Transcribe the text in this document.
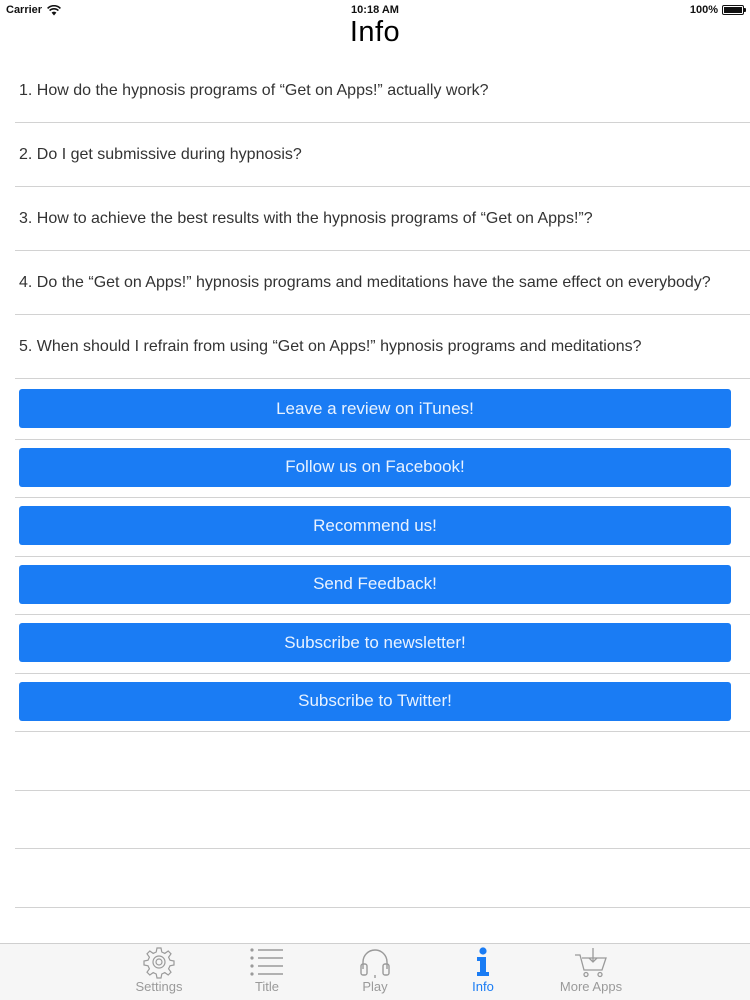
Carrier	10:18 AM	100%
Info
1. How do the hypnosis programs of “Get on Apps!” actually work?
2. Do I get submissive during hypnosis?
3. How to achieve the best results with the hypnosis programs of “Get on Apps!”?
4. Do the “Get on Apps!” hypnosis programs and meditations have the same effect on everybody?
5. When should I refrain from using “Get on Apps!” hypnosis programs and meditations?
Leave a review on iTunes!
Follow us on Facebook!
Recommend us!
Send Feedback!
Subscribe to newsletter!
Subscribe to Twitter!
Settings	Title	Play	Info	More Apps
